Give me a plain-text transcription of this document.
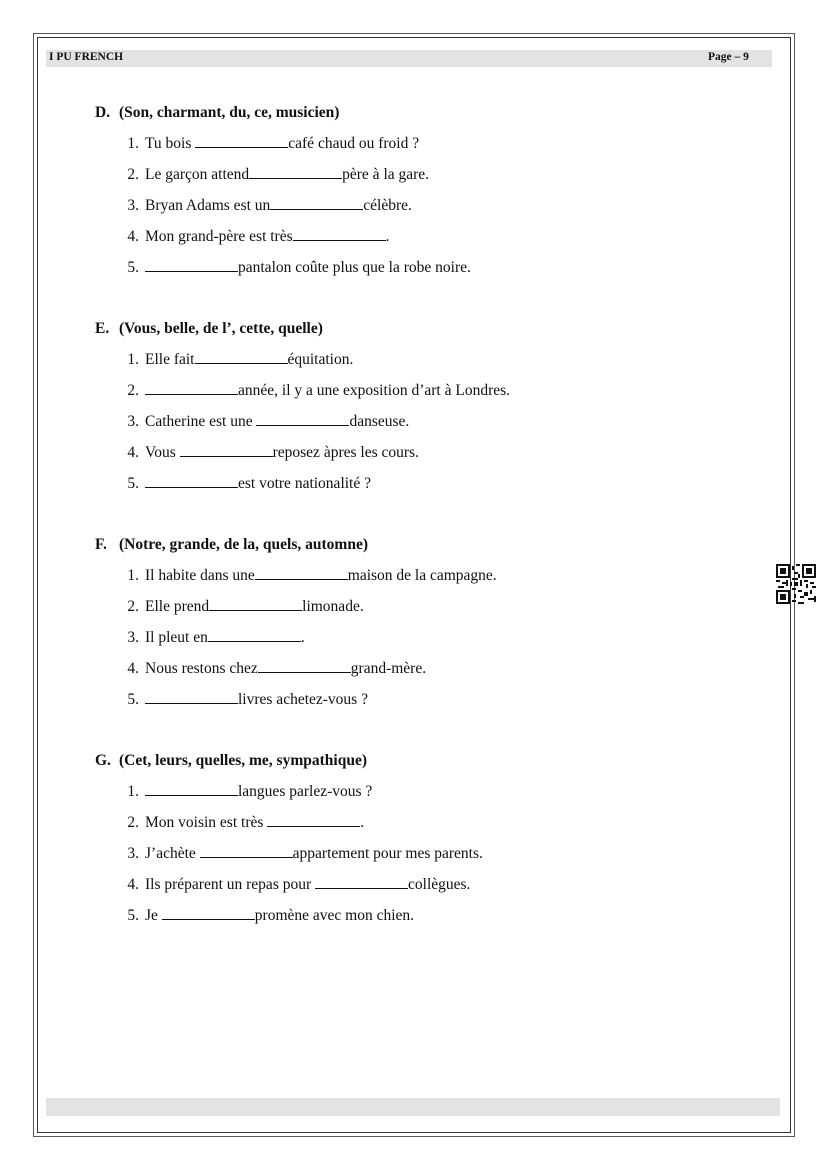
I PU FRENCH	Page – 9
D. (Son, charmant, du, ce, musicien)
1. Tu bois	café chaud ou froid ?
2. Le garçon attend	père à la gare.
3. Bryan Adams est un	célèbre.
4. Mon grand-père est très	.
5.	pantalon coûte plus que la robe noire.
E. (Vous, belle, de l’, cette, quelle)
1. Elle fait	équitation.
2.	année, il y a une exposition d’art à Londres.
3. Catherine est une	danseuse.
4. Vous	reposez àpres les cours.
5.	est votre nationalité ?
F. (Notre, grande, de la, quels, automne)
1. Il habite dans une	maison de la campagne.
2. Elle prend	limonade.
3. Il pleut en	.
4. Nous restons chez	grand-mère.
5.	livres achetez-vous ?
G. (Cet, leurs, quelles, me, sympathique)
1.	langues parlez-vous ?
2. Mon voisin est très	.
3. J’achète	appartement pour mes parents.
4. Ils préparent un repas pour	collègues.
5. Je	promène avec mon chien.
